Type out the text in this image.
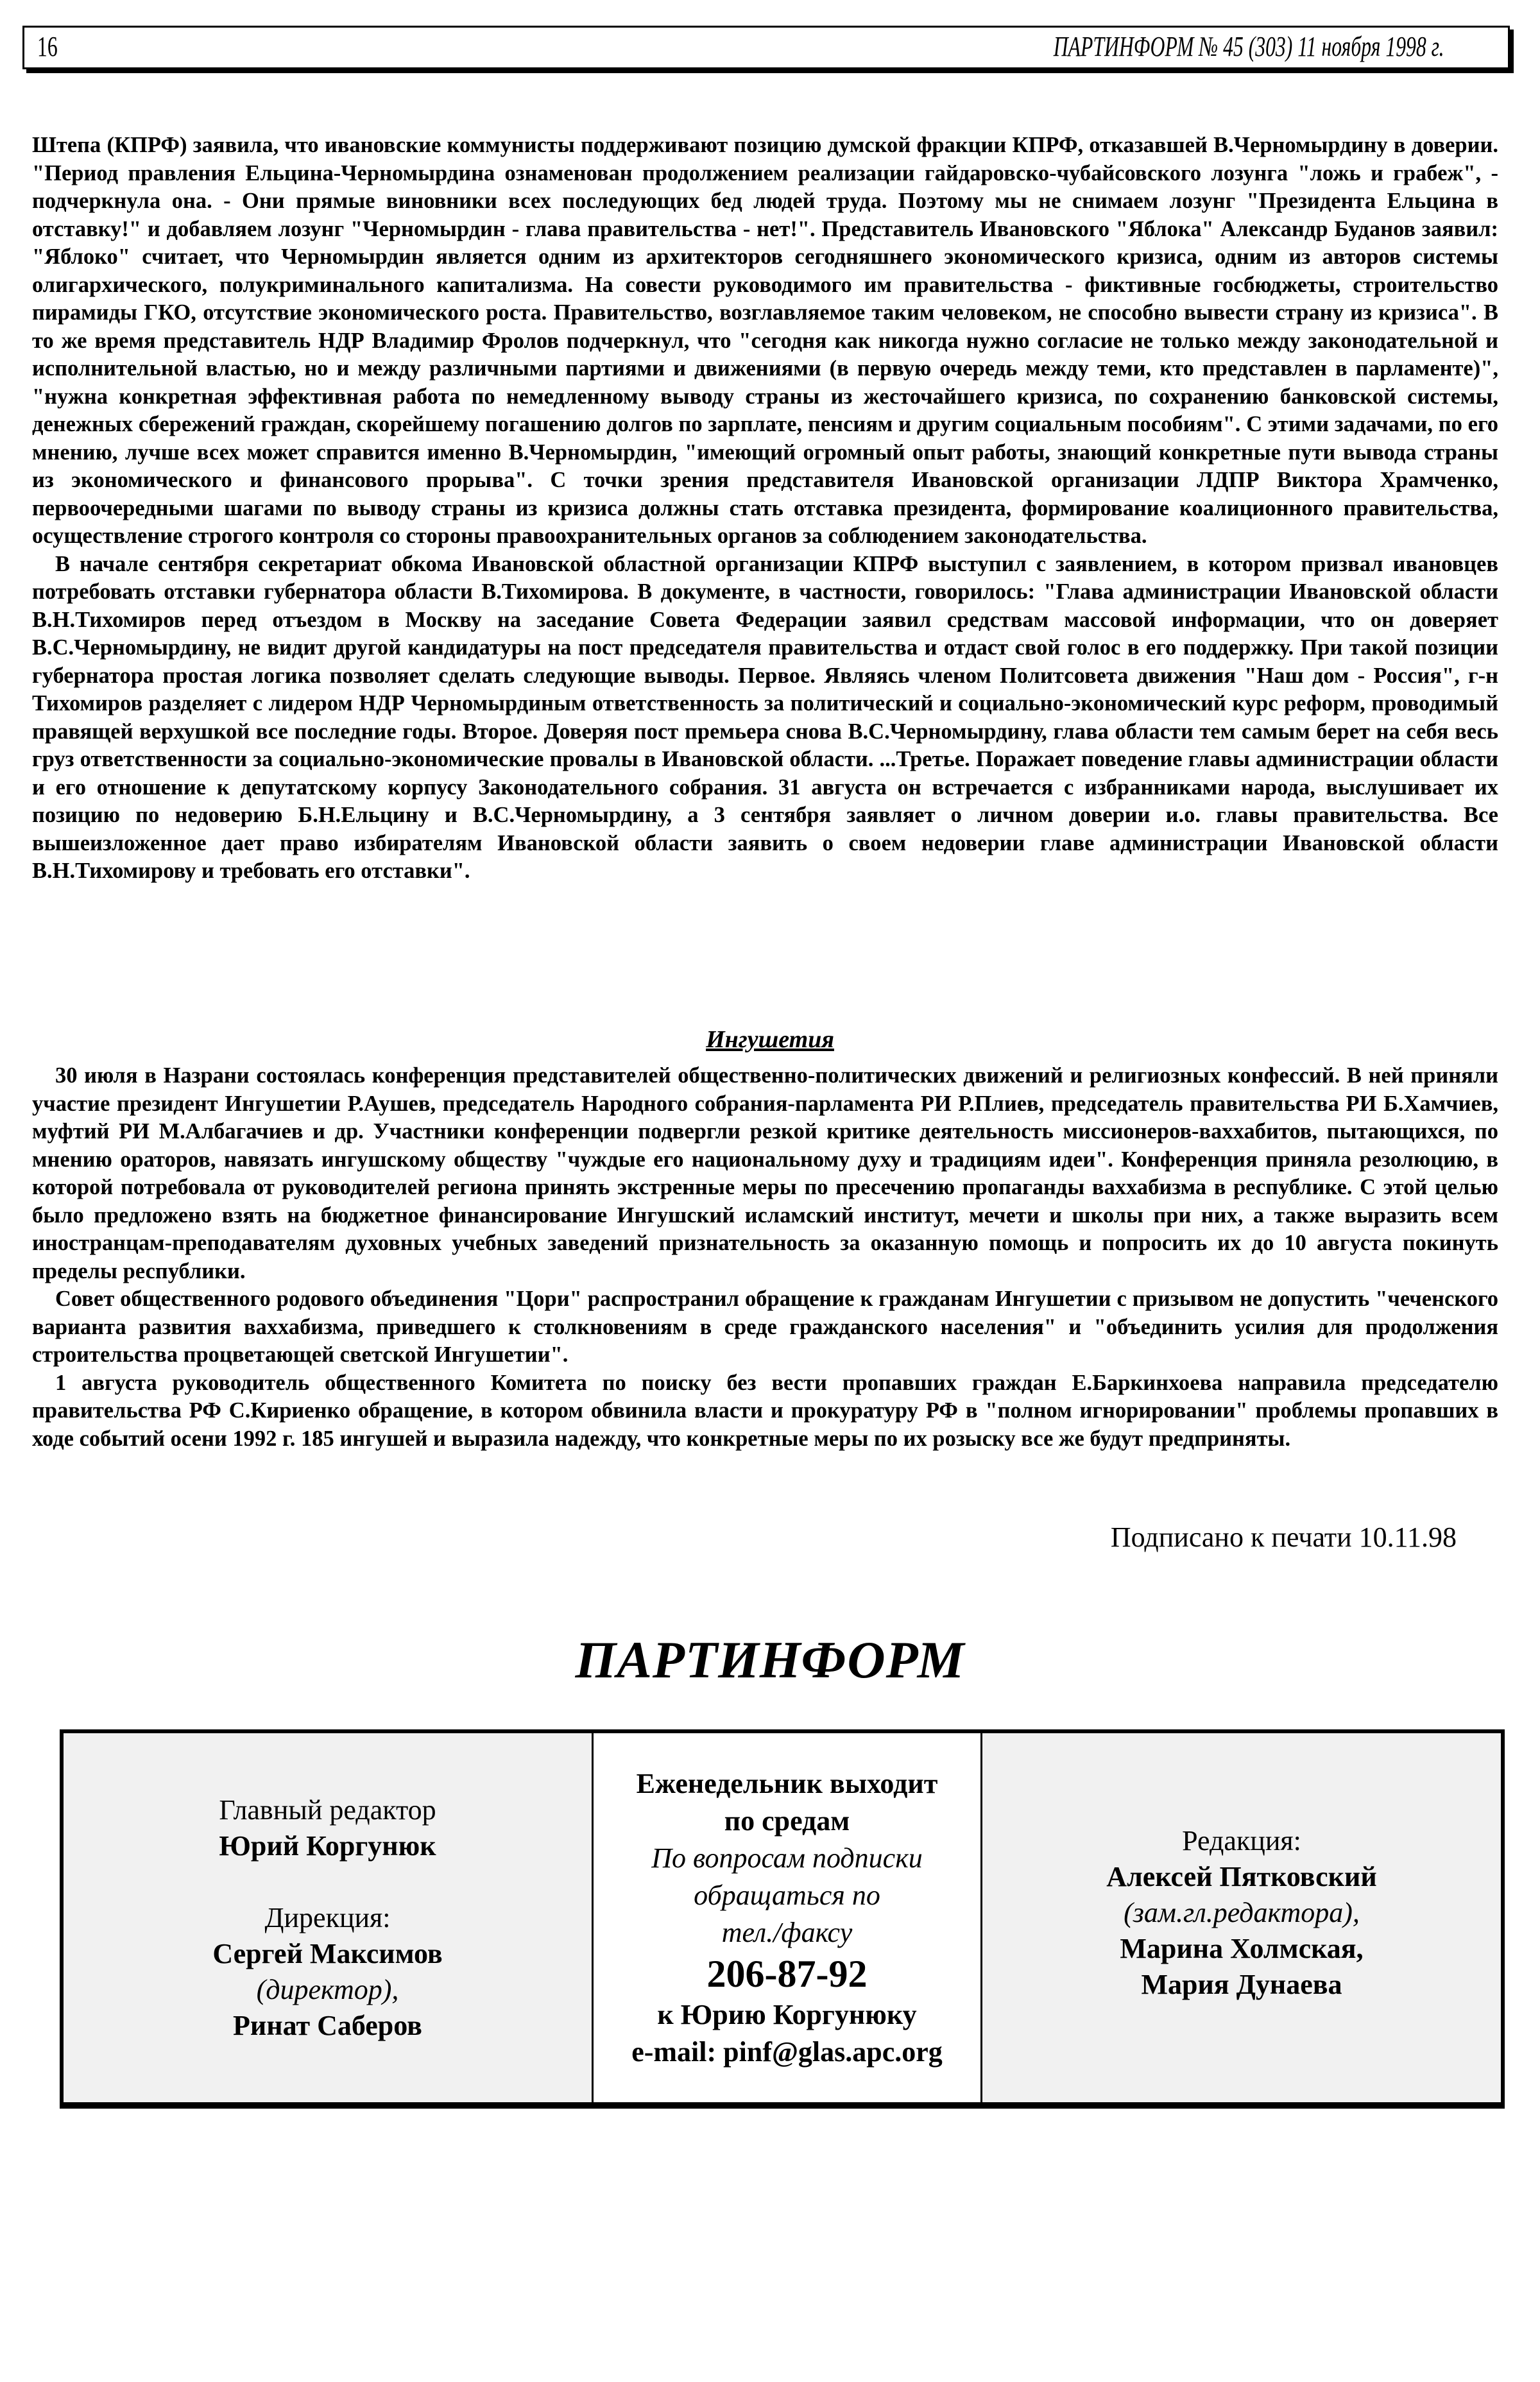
16	ПАРТИНФОРМ № 45 (303) 11 ноября 1998 г.

Штепа (КПРФ) заявила, что ивановские коммунисты поддерживают позицию думской фракции КПРФ, отказавшей В.Черномырдину в доверии. "Период правления Ельцина-Черномырдина ознаменован продолжением реализации гайдаровско-чубайсовского лозунга "ложь и грабеж", - подчеркнула она. - Они прямые виновники всех последующих бед людей труда. Поэтому мы не снимаем лозунг "Президента Ельцина в отставку!" и добавляем лозунг "Черномырдин - глава правительства - нет!". Представитель Ивановского "Яблока" Александр Буданов заявил: "Яблоко" считает, что Черномырдин является одним из архитекторов сегодняшнего экономического кризиса, одним из авторов системы олигархического, полукриминального капитализма. На совести руководимого им правительства - фиктивные госбюджеты, строительство пирамиды ГКО, отсутствие экономического роста. Правительство, возглавляемое таким человеком, не способно вывести страну из кризиса". В то же время представитель НДР Владимир Фролов подчеркнул, что "сегодня как никогда нужно согласие не только между законодательной и исполнительной властью, но и между различными партиями и движениями (в первую очередь между теми, кто представлен в парламенте)", "нужна конкретная эффективная работа по немедленному выводу страны из жесточайшего кризиса, по сохранению банковской системы, денежных сбережений граждан, скорейшему погашению долгов по зарплате, пенсиям и другим социальным пособиям". С этими задачами, по его мнению, лучше всех может справится именно В.Черномырдин, "имеющий огромный опыт работы, знающий конкретные пути вывода страны из экономического и финансового прорыва". С точки зрения представителя Ивановской организации ЛДПР Виктора Храмченко, первоочередными шагами по выводу страны из кризиса должны стать отставка президента, формирование коалиционного правительства, осуществление строгого контроля со стороны правоохранительных органов за соблюдением законодательства.

В начале сентября секретариат обкома Ивановской областной организации КПРФ выступил с заявлением, в котором призвал ивановцев потребовать отставки губернатора области В.Тихомирова. В документе, в частности, говорилось: "Глава администрации Ивановской области В.Н.Тихомиров перед отъездом в Москву на заседание Совета Федерации заявил средствам массовой информации, что он доверяет В.С.Черномырдину, не видит другой кандидатуры на пост председателя правительства и отдаст свой голос в его поддержку. При такой позиции губернатора простая логика позволяет сделать следующие выводы. Первое. Являясь членом Политсовета движения "Наш дом - Россия", г-н Тихомиров разделяет с лидером НДР Черномырдиным ответственность за политический и социально-экономический курс реформ, проводимый правящей верхушкой все последние годы. Второе. Доверяя пост премьера снова В.С.Черномырдину, глава области тем самым берет на себя весь груз ответственности за социально-экономические провалы в Ивановской области. ...Третье. Поражает поведение главы администрации области и его отношение к депутатскому корпусу Законодательного собрания. 31 августа он встречается с избранниками народа, выслушивает их позицию по недоверию Б.Н.Ельцину и В.С.Черномырдину, а 3 сентября заявляет о личном доверии и.о. главы правительства. Все вышеизложенное дает право избирателям Ивановской области заявить о своем недоверии главе администрации Ивановской области В.Н.Тихомирову и требовать его отставки".

Ингушетия

30 июля в Назрани состоялась конференция представителей общественно-политических движений и религиозных конфессий. В ней приняли участие президент Ингушетии Р.Аушев, председатель Народного собрания-парламента РИ Р.Плиев, председатель правительства РИ Б.Хамчиев, муфтий РИ М.Албагачиев и др. Участники конференции подвергли резкой критике деятельность миссионеров-ваххабитов, пытающихся, по мнению ораторов, навязать ингушскому обществу "чуждые его национальному духу и традициям идеи". Конференция приняла резолюцию, в которой потребовала от руководителей региона принять экстренные меры по пресечению пропаганды ваххабизма в республике. С этой целью было предложено взять на бюджетное финансирование Ингушский исламский институт, мечети и школы при них, а также выразить всем иностранцам-преподавателям духовных учебных заведений признательность за оказанную помощь и попросить их до 10 августа покинуть пределы республики.

Совет общественного родового объединения "Цори" распространил обращение к гражданам Ингушетии с призывом не допустить "чеченского варианта развития ваххабизма, приведшего к столкновениям в среде гражданского населения" и "объединить усилия для продолжения строительства процветающей светской Ингушетии".

1 августа руководитель общественного Комитета по поиску без вести пропавших граждан Е.Баркинхоева направила председателю правительства РФ С.Кириенко обращение, в котором обвинила власти и прокуратуру РФ в "полном игнорировании" проблемы пропавших в ходе событий осени 1992 г. 185 ингушей и выразила надежду, что конкретные меры по их розыску все же будут предприняты.

Подписано к печати 10.11.98
ПАРТИНФОРМ
Главный редактор
Юрий Коргунюк
Дирекция:
Сергей Максимов
(директор),
Ринат Саберов
Еженедельник выходит
по средам
По вопросам подписки
обращаться по
тел./факсу
206-87-92
к Юрию Коргунюку
e-mail: pinf@glas.apc.org
Редакция:
Алексей Пятковский
(зам.гл.редактора),
Марина Холмская,
Мария Дунаева
